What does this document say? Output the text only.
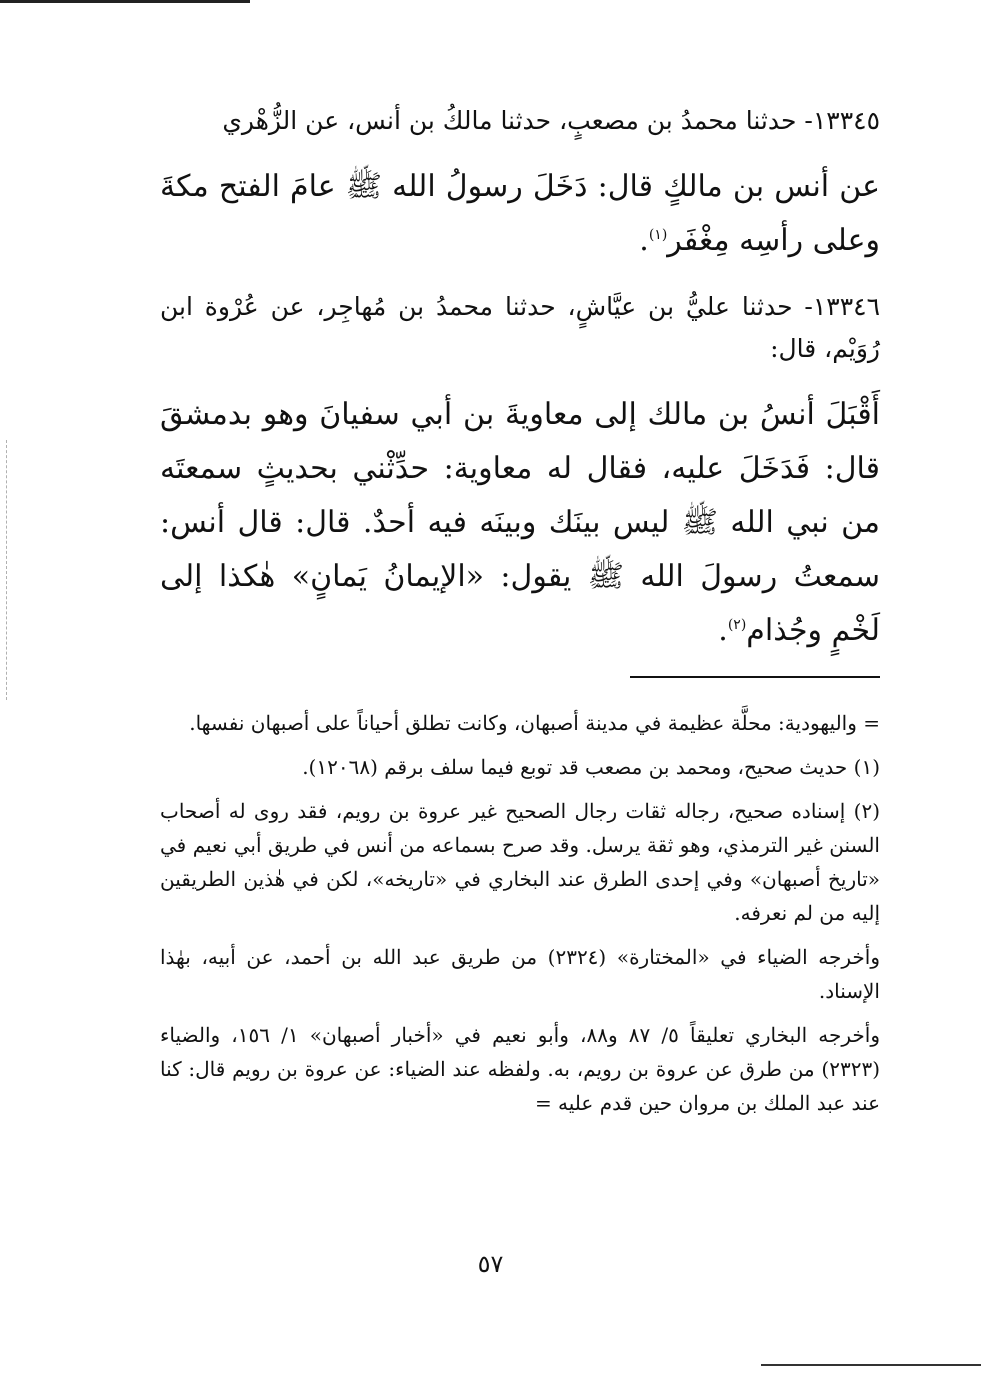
١٣٣٤٥- حدثنا محمدُ بن مصعبٍ، حدثنا مالكُ بن أنس، عن الزُّهْري

عن أنس بن مالكٍ قال: دَخَلَ رسولُ الله ﷺ عامَ الفتح مكةَ وعلى رأسِه مِغْفَر$^{(١)}$.

١٣٣٤٦- حدثنا عليُّ بن عيَّاشٍ، حدثنا محمدُ بن مُهاجِر، عن عُرْوة ابن رُوَيْم، قال:

أَقْبَلَ أنسُ بن مالك إلى معاويةَ بن أبي سفيانَ وهو بدمشقَ قال: فَدَخَلَ عليه، فقال له معاوية: حدِّثْني بحديثٍ سمعتَه من نبي الله ﷺ ليس بينَك وبينَه فيه أحدٌ. قال: قال أنس: سمعتُ رسولَ الله ﷺ يقول: «الإيمانُ يَمانٍ» هٰكذا إلى لَخْمٍ وجُذام$^{(٢)}$.

= واليهودية: محلَّة عظيمة في مدينة أصبهان، وكانت تطلق أحياناً على أصبهان نفسها.

(١) حديث صحيح، ومحمد بن مصعب قد توبع فيما سلف برقم (١٢٠٦٨).

(٢) إسناده صحيح، رجاله ثقات رجال الصحيح غير عروة بن رويم، فقد روى له أصحاب السنن غير الترمذي، وهو ثقة يرسل. وقد صرح بسماعه من أنس في طريق أبي نعيم في «تاريخ أصبهان» وفي إحدى الطرق عند البخاري في «تاريخه»، لكن في هٰذين الطريقين إليه من لم نعرفه.

وأخرجه الضياء في «المختارة» (٢٣٢٤) من طريق عبد الله بن أحمد، عن أبيه، بهٰذا الإسناد.

وأخرجه البخاري تعليقاً ٥/ ٨٧ و٨٨، وأبو نعيم في «أخبار أصبهان» ١/ ١٥٦، والضياء (٢٣٢٣) من طرق عن عروة بن رويم، به. ولفظه عند الضياء: عن عروة بن رويم قال: كنا عند عبد الملك بن مروان حين قدم عليه =

٥٧
